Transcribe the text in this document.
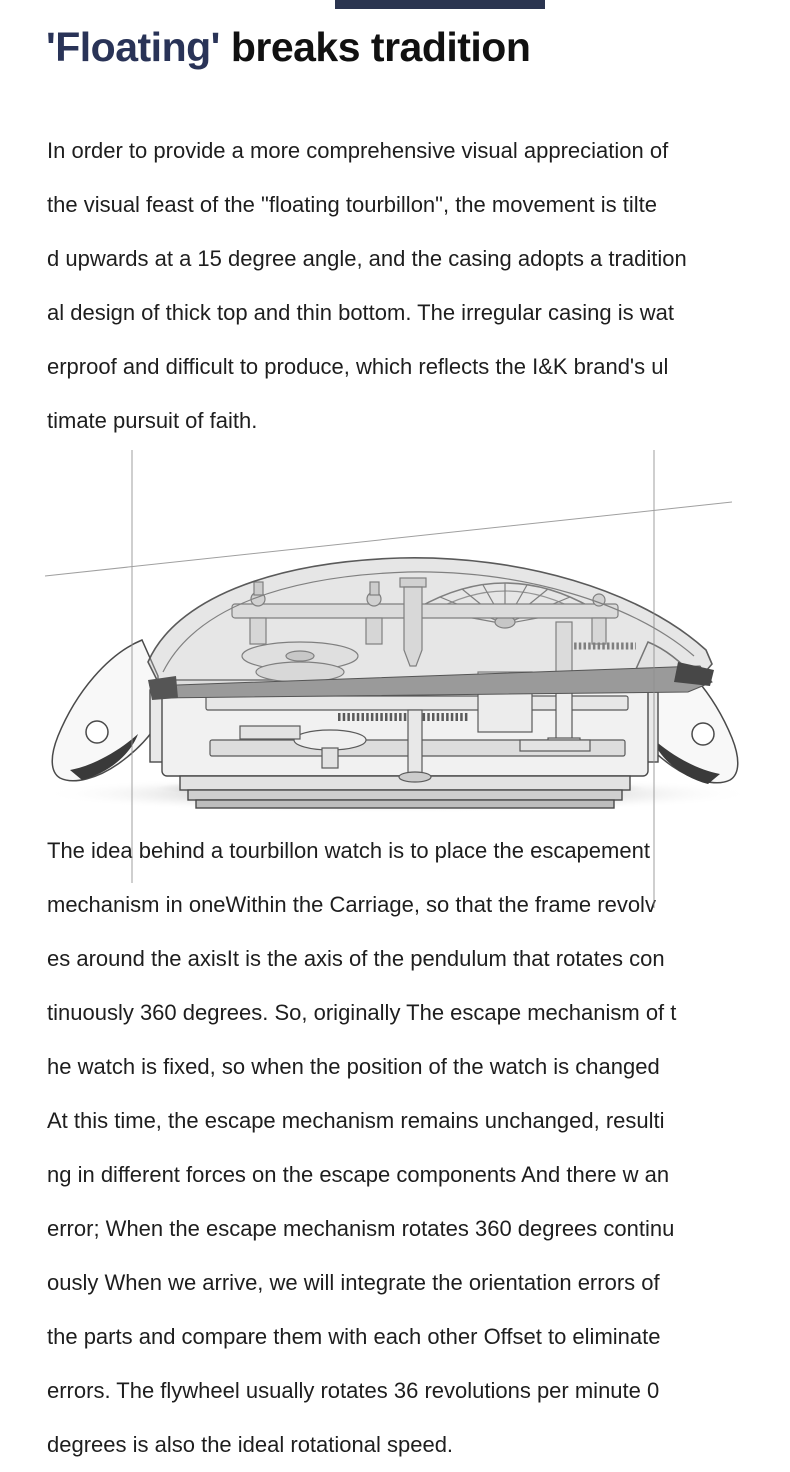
'Floating' breaks tradition
In order to provide a more comprehensive visual appreciation of
the visual feast of the "floating tourbillon", the movement is tilte
d upwards at a 15 degree angle, and the casing adopts a tradition
al design of thick top and thin bottom. The irregular casing is wat
erproof and difficult to produce, which reflects the I&K brand's ul
timate pursuit of faith.
The idea behind a tourbillon watch is to place the escapement
mechanism in oneWithin the Carriage, so that the frame revolv
es around the axisIt is the axis of the pendulum that rotates con
tinuously 360 degrees. So, originally The escape mechanism of t
he watch is fixed, so when the position of the watch is changed
At this time, the escape mechanism remains unchanged, resulti
ng in different forces on the escape components And there w an
error; When the escape mechanism rotates 360 degrees continu
ously When we arrive, we will integrate the orientation errors of
the parts and compare them with each other Offset to eliminate
errors. The flywheel usually rotates 36 revolutions per minute 0
degrees is also the ideal rotational speed.
